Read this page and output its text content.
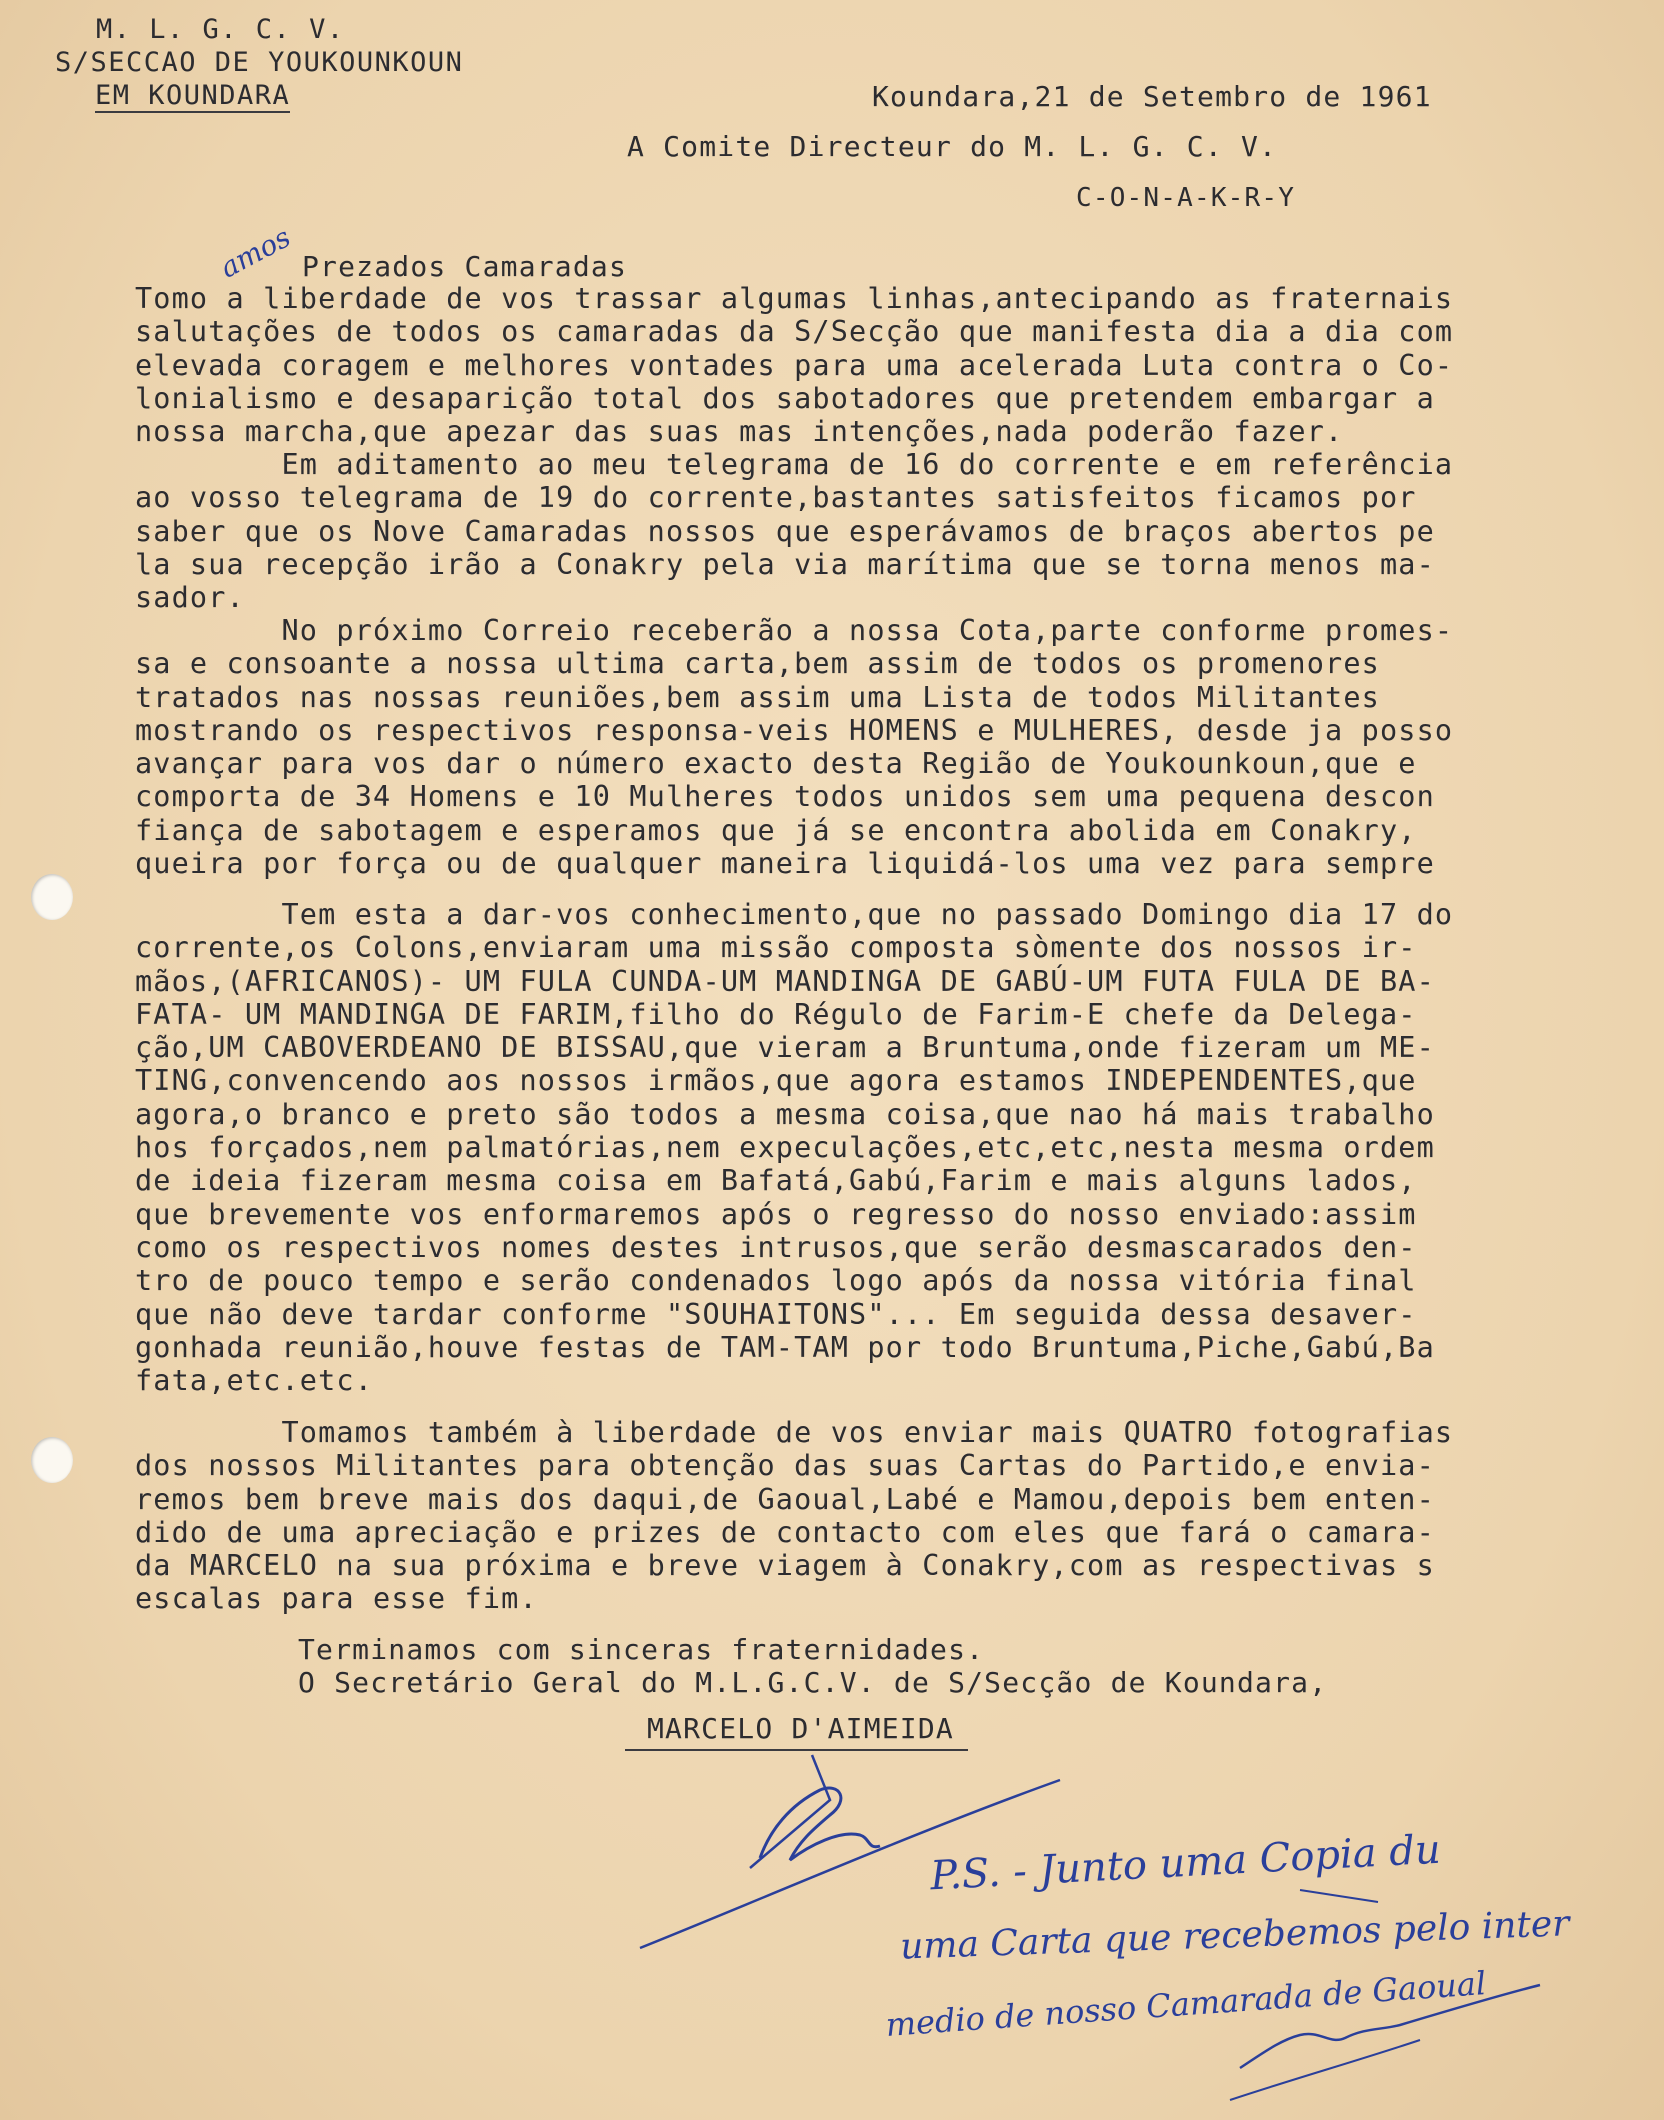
M. L. G. C. V.
S/SECCAO DE YOUKOUNKOUN
EM KOUNDARA	Koundara,21 de Setembro de 1961
A Comite Directeur do M. L. G. C. V.
C-O-N-A-K-R-Y
Prezados Camaradas
amos
Tomo a liberdade de vos trassar algumas linhas,antecipando as fraternais
salutações de todos os camaradas da S/Secção que manifesta dia a dia com
elevada coragem e melhores vontades para uma acelerada Luta contra o Co-
lonialismo e desaparição total dos sabotadores que pretendem embargar a
nossa marcha,que apezar das suas mas intenções,nada poderão fazer.
Em aditamento ao meu telegrama de 16 do corrente e em referência
ao vosso telegrama de 19 do corrente,bastantes satisfeitos ficamos por
saber que os Nove Camaradas nossos que esperávamos de braços abertos pe
la sua recepção irão a Conakry pela via marítima que se torna menos ma-
sador.
No próximo Correio receberão a nossa Cota,parte conforme promes-
sa e consoante a nossa ultima carta,bem assim de todos os promenores
tratados nas nossas reuniões,bem assim uma Lista de todos Militantes
mostrando os respectivos responsa-veis HOMENS e MULHERES, desde ja posso
avançar para vos dar o número exacto desta Região de Youkounkoun,que e
comporta de 34 Homens e 10 Mulheres todos unidos sem uma pequena descon
fiança de sabotagem e esperamos que já se encontra abolida em Conakry,
queira por força ou de qualquer maneira liquidá-los uma vez para sempre
Tem esta a dar-vos conhecimento,que no passado Domingo dia 17 do
corrente,os Colons,enviaram uma missão composta sòmente dos nossos ir-
mãos,(AFRICANOS)- UM FULA CUNDA-UM MANDINGA DE GABÚ-UM FUTA FULA DE BA-
FATA- UM MANDINGA DE FARIM,filho do Régulo de Farim-E chefe da Delega-
ção,UM CABOVERDEANO DE BISSAU,que vieram a Bruntuma,onde fizeram um ME-
TING,convencendo aos nossos irmãos,que agora estamos INDEPENDENTES,que
agora,o branco e preto são todos a mesma coisa,que nao há mais trabalho
hos forçados,nem palmatórias,nem expeculações,etc,etc,nesta mesma ordem
de ideia fizeram mesma coisa em Bafatá,Gabú,Farim e mais alguns lados,
que brevemente vos enformaremos após o regresso do nosso enviado:assim
como os respectivos nomes destes intrusos,que serão desmascarados den-
tro de pouco tempo e serão condenados logo após da nossa vitória final
que não deve tardar conforme "SOUHAITONS"... Em seguida dessa desaver-
gonhada reunião,houve festas de TAM-TAM por todo Bruntuma,Piche,Gabú,Ba
fata,etc.etc.
Tomamos também à liberdade de vos enviar mais QUATRO fotografias
dos nossos Militantes para obtenção das suas Cartas do Partido,e envia-
remos bem breve mais dos daqui,de Gaoual,Labé e Mamou,depois bem enten-
dido de uma apreciação e prizes de contacto com eles que fará o camara-
da MARCELO na sua próxima e breve viagem à Conakry,com as respectivas s
escalas para esse fim.
Terminamos com sinceras fraternidades.
O Secretário Geral do M.L.G.C.V. de S/Secção de Koundara,
MARCELO D'AIMEIDA
P.S. - Junto uma Copia du
uma Carta que recebemos pelo inter
medio de nosso Camarada de Gaoual
